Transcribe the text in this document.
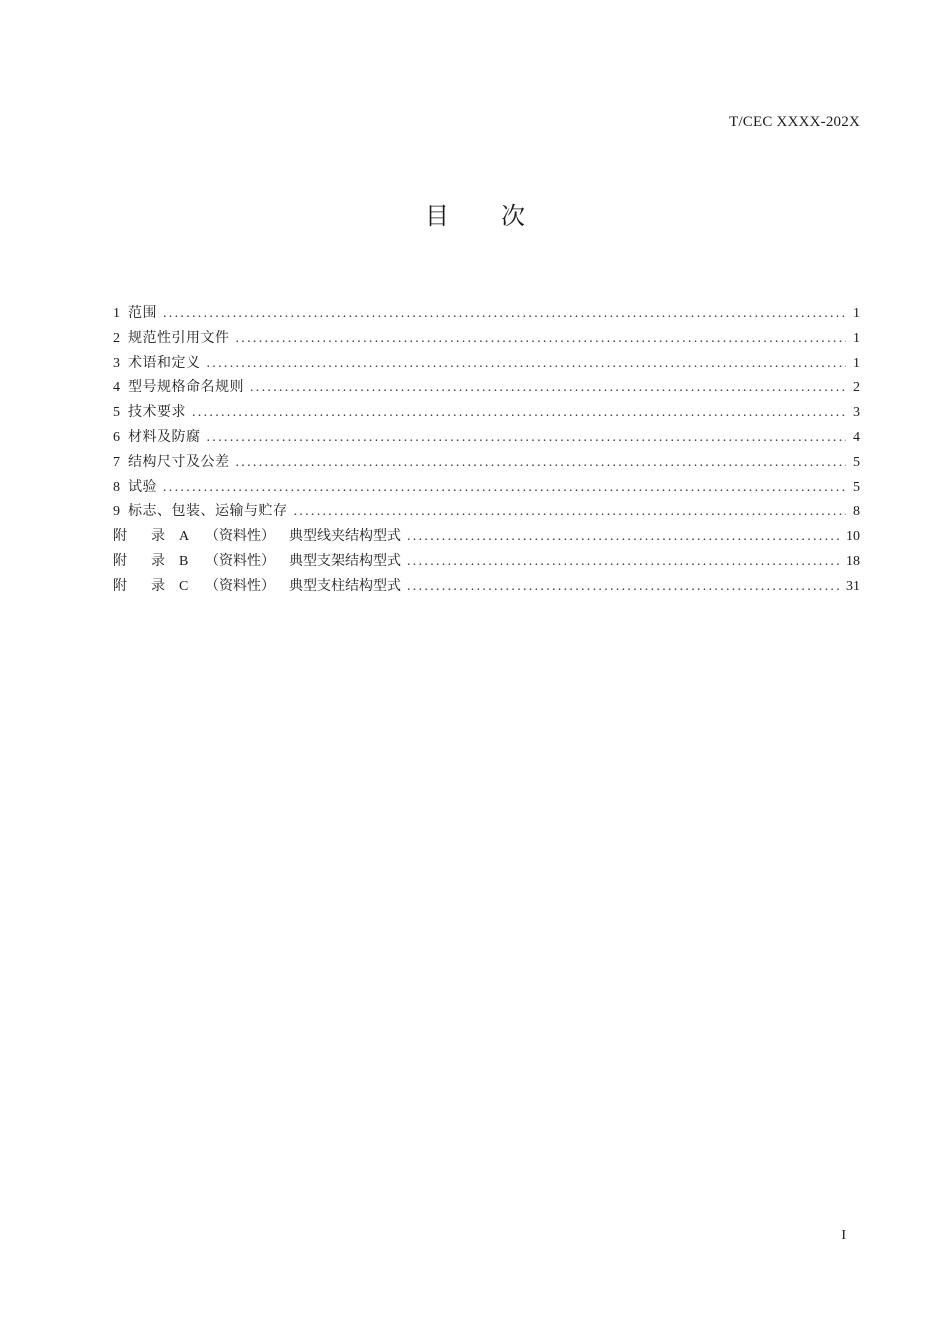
T/CEC XXXX-202X
目 次
1 范围 . . .	1
2 规范性引用文件 . . .	1
3 术语和定义 . . .	1
4 型号规格命名规则 . . .	2
5 技术要求 . . .	3
6 材料及防腐 . . .	4
7 结构尺寸及公差 . . .	5
8 试验 . . .	5
9 标志、包装、运输与贮存 . . .	8
附 录 A （资料性） 典型线夹结构型式 . . .	10
附 录 B （资料性） 典型支架结构型式 . . .	18
附 录 C （资料性） 典型支柱结构型式 . . .	31
I
